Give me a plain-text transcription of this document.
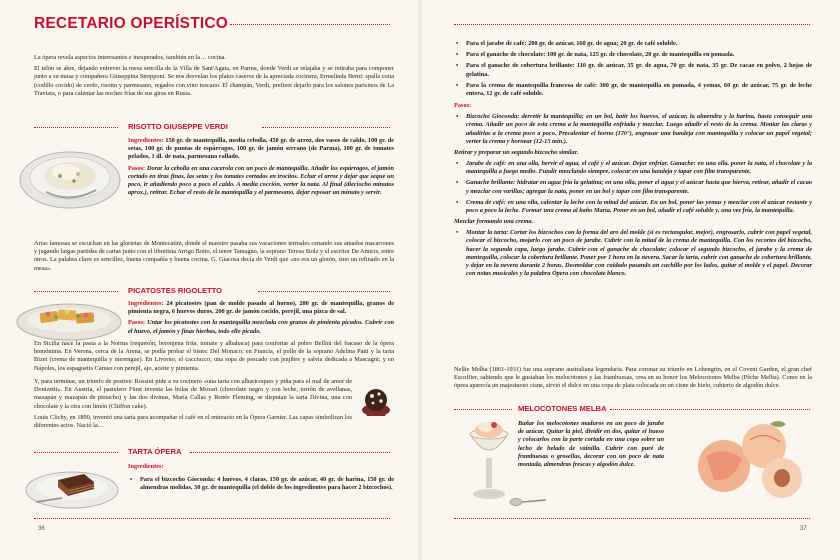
RECETARIO OPERÍSTICO

La ópera revela aspectos interesantes e inesperados, también en la… cocina.

El telón se abre, dejando entrever la mesa sencilla de la Villa de Sant'Agata, en Parma, donde Verdi se relajaba y se retiraba para componer junto a su musa y compañera Giuseppina Strepponi. Se nos desvelan los platos caseros de la apreciada cocinera, Ermelinda Berni: spalla cotta (codillo cocido) de cerdo, risotto y parmesano, regados con vino toscano. El champán, Verdi, prefiere dejarlo para los salones parisinos de La Traviata, o para calentar las noches frías de sus giras en Rusia.

RISOTTO GIUSEPPE VERDI

Ingredientes: 150 gr. de mantequilla, media cebolla, 450 gr. de arroz, dos vasos de caldo, 100 gr. de setas, 100 gr. de puntas de espárragos, 100 gr. de jamón serrano (de Parma), 100 gr. de tomates pelados, 1 dl. de nata, parmesano rallado.

Pasos: Dorar la cebolla en una cacerola con un poco de mantequilla. Añadir los espárragos, el jamón cortado en tiras finas, las setas y los tomates cortados en trocitos. Echar el arroz y dejar que seque un poco, ir añadiendo poco a poco el caldo. A media cocción, verter la nata. Al final (dieciocho minutos aprox.), retirar. Echar el resto de la mantequilla y el parmesano, dejar reposar un minuto y servir.

Arias famosas se escuchan en las glorietas de Montecatini, donde el maestro pasaba sus vacaciones termales cenando sus amados macarrones y jugando largas partidas de cartas junto con el libretista Arrigo Boito, el tenor Tamagno, la soprano Teresa Stolz y el escritor De Amicis, entre otros. La palabra clave es sencillez, buena compañía y buena cocina. G. Giacosa decía de Verdi que «no era un glotón, sino un refinado en la mesa».

PICATOSTES RIGOLETTO

Ingredientes: 24 picatostes (pan de molde pasado al horno), 200 gr. de mantequilla, granos de pimienta negra, 6 huevos duros, 200 gr. de jamón cocido, perejil, una pizca de sal.

Pasos: Untar los picatostes con la mantequilla mezclada con granos de pimienta picados. Cubrir con el huevo, el jamón y finas hierbas, todo ello picado.

En Sicilia nace la pasta a la Norma (requesón, berenjena frita, tomate y albahaca) para confortar al pobre Bellini del fracaso de la ópera homónima. En Verona, cerca de la Arena, se podía probar el bistec Del Monaco; en Francia, el pollo de la soprano Adelina Patti y la tarta Bizet (crema de mantequilla y merengue). En Livorno, el cacciucco, una sopa de pescado con jenjibre y salvia dedicada a Mascagni; y en Nápoles, los espaguetis Caruso con perejil, ajo, aceite y pimienta.

Y, para terminar, un triunfo de postres: Rossini pide a su cocinero «una tarta con albaricoques y piña para el mal de amor de Donizetti». En Austria, el pastelero Fürst inventa las bolas de Mozart (chocolate negro y con leche, turrón de avellanas, mazapán y mazapán de pistacho) y las dos divinas, María Callas y Renée Fleming, se disputan la tarta Divina, una con chocolate y la otra con limón (Chiffon cake).

Louis Clichy, en 1890, inventó una tarta para acompañar el café en el entreacto en la Ópera Garnier. Las capas simbolizan los diferentes actos. Nació la…

TARTA ÓPERA

Ingredientes:

• Para el bizcocho Gioconda: 4 huevos, 4 claras, 150 gr. de azúcar, 40 gr. de harina, 150 gr. de almendras molidas, 30 gr. de mantequilla (el doble de los ingredientes para hacer 2 bizcochos).
36
• Para el jarabe de café: 200 gr. de azúcar, 160 gr. de agua; 20 gr. de café soluble.
• Para el ganache de chocolate: 100 gr. de nata, 125 gr. de chocolate, 20 gr. de mantequilla en pomada.
• Para el ganache de cobertura brillante: 110 gr. de azúcar, 35 gr. de agua, 70 gr. de nata, 35 gr. De cacao en polvo, 2 hojas de gelatina.
• Para la crema de mantequilla francesa de café: 300 gr. de mantequilla en pomada, 4 yemas, 60 gr. de azúcar, 75 gr. de leche entera, 12 gr. de café soluble.

Pasos:

• Bizcocho Gioconda: derretir la mantequilla; en un bol, batir los huevos, el azúcar, la almendra y la harina, hasta conseguir una crema. Añadir un poco de esta crema a la mantequilla enfriada y mezclar. Luego añadir el resto de la crema. Montar las claras y añadirlas a la crema poco a poco. Precalentar el horno (170°), engrasar una bandeja con mantequilla y colocar un papel vegetal; verter la crema y hornear (12-15 min.).

Retirar y preparar un segundo bizcocho similar.

• Jarabe de café: en una olla, hervir el agua, el café y el azúcar. Dejar enfriar. Ganache: en una olla, poner la nata, el chocolate y la mantequilla a fuego medio. Fundir mezclando siempre, colocar en una bandeja y tapar con film transparente.
• Ganache brillante: hidratar en agua fría la gelatina; en una olla, poner el agua y el azúcar hasta que hierva, retirar, añadir el cacao y mezclar con varillas; agregar la nata, poner en un bol y tapar con film transparente.
• Crema de café: en una olla, calentar la leche con la mitad del azúcar. En un bol, poner las yemas y mezclar con el azúcar restante y poco a poco la leche. Formar una crema al baño María. Poner en un bol, añadir el café soluble y, una vez fría, la mantequilla.

Mezclar formando una crema.

• Montar la tarta: Cortar los bizcochos con la forma del aro del molde (si es rectangular, mejor), engrasarlo, cubrir con papel vegetal, colocar el bizcocho, mojarlo con un poco de jarabe. Cubrir con la mitad de la crema de mantequilla. Con los recortes del bizcocho, hacer la segunda capa, luego jarabe. Cubrir con el ganache de chocolate; colocar el segundo bizcocho, el jarabe y la crema de mantequilla, colocar la cobertura brillante. Poner por 1 hora en la nevera. Sacar la tarta, cubrir con ganache de cobertura brillante, y dejar en la nevera durante 2 horas. Desmoldar con cuidado pasando un cuchillo por los lados, quitar el molde y el papel. Decorar con notas musicales y la palabra Ópera con chocolate blanco.

Nellie Melba (1861-1931) fue una soprano australiana legendaria. Para coronar su triunfo en Lohengrin, en el Covent Garden, el gran chef Escoffier, sabiendo que le gustaban los melocotones y las frambuesas, crea en su honor los Melocotones Melba (Pêche Melba). Como en la ópera aparecía un majestuoso cisne, sirvió el dulce en una copa de plata colocada en un cisne de hielo, cubierto de algodón dulce.

MELOCOTONES MELBA

Bañar los melocotones maduros en un poco de jarabe de azúcar. Quitar la piel, dividir en dos, quitar el hueso y colocarlos con la parte cortada en una copa sobre un lecho de helado de vainilla. Cubrir con puré de frambuesas o grosellas, decorar con un poco de nata montada, almendras frescas y algodón dulce.

37
